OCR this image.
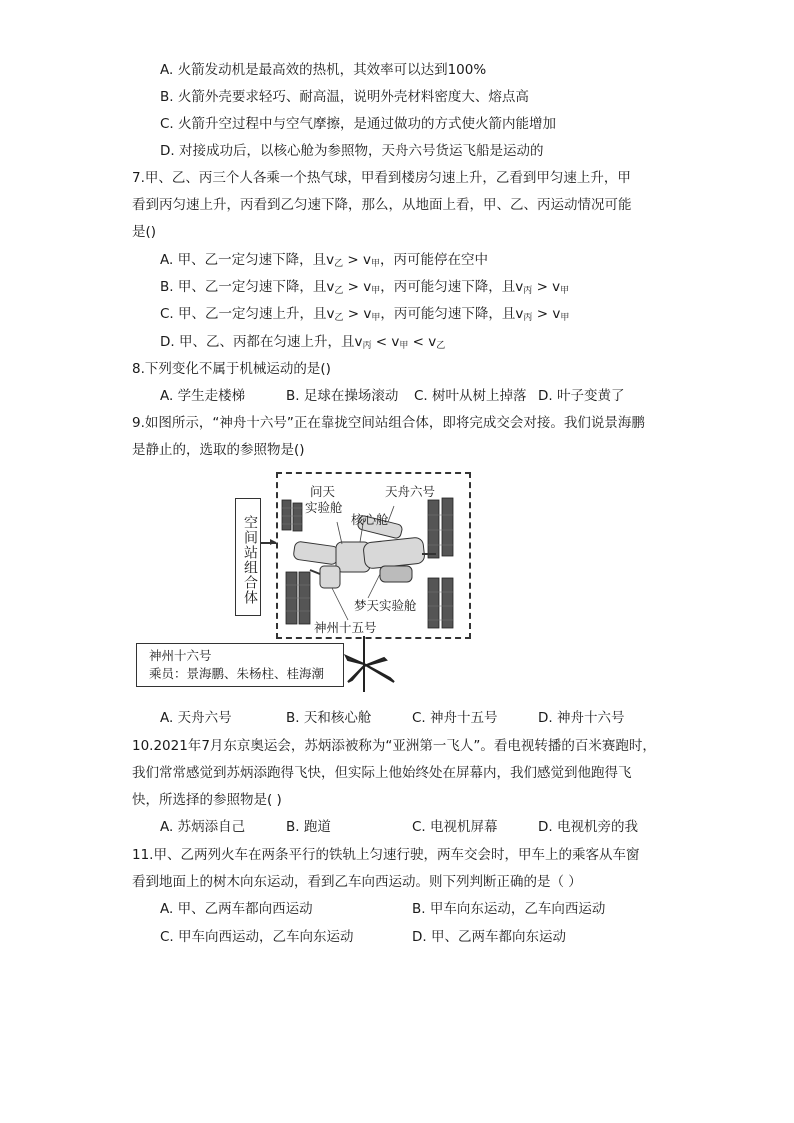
A. 火箭发动机是最高效的热机，其效率可以达到100%
B. 火箭外壳要求轻巧、耐高温，说明外壳材料密度大、熔点高
C. 火箭升空过程中与空气摩擦，是通过做功的方式使火箭内能增加
D. 对接成功后，以核心舱为参照物，天舟六号货运飞船是运动的
7.甲、乙、丙三个人各乘一个热气球，甲看到楼房匀速上升，乙看到甲匀速上升，甲
看到丙匀速上升，丙看到乙匀速下降，那么，从地面上看，甲、乙、丙运动情况可能
是()
A. 甲、乙一定匀速下降，且$v_乙 > v_甲$，丙可能停在空中
B. 甲、乙一定匀速下降，且$v_乙 > v_甲$，丙可能匀速下降，且$v_丙 > v_甲$
C. 甲、乙一定匀速上升，且$v_乙 > v_甲$，丙可能匀速下降，且$v_丙 > v_甲$
D. 甲、乙、丙都在匀速上升，且$v_丙 < v_甲 < v_乙$
8.下列变化不属于机械运动的是()
A. 学生走楼梯	B. 足球在操场滚动 C. 树叶从树上掉落 D. 叶子变黄了
9.如图所示，“神舟十六号”正在靠拢空间站组合体，即将完成交会对接。我们说景海鹏
是静止的，选取的参照物是()
空间站组合体
问天
实验舱
天舟六号
核心舱
梦天实验舱
神州十五号
神州十六号
乘员：景海鹏、朱杨柱、桂海潮
A. 天舟六号	B. 天和核心舱	C. 神舟十五号	D. 神舟十六号
10.2021年7月东京奥运会，苏炳添被称为“亚洲第一飞人”。看电视转播的百米赛跑时，
我们常常感觉到苏炳添跑得飞快，但实际上他始终处在屏幕内，我们感觉到他跑得飞
快，所选择的参照物是( )
A. 苏炳添自己	B. 跑道	C. 电视机屏幕	D. 电视机旁的我
11.甲、乙两列火车在两条平行的铁轨上匀速行驶，两车交会时，甲车上的乘客从车窗
看到地面上的树木向东运动，看到乙车向西运动。则下列判断正确的是（ ）
A. 甲、乙两车都向西运动	B. 甲车向东运动，乙车向西运动
C. 甲车向西运动，乙车向东运动	D. 甲、乙两车都向东运动
